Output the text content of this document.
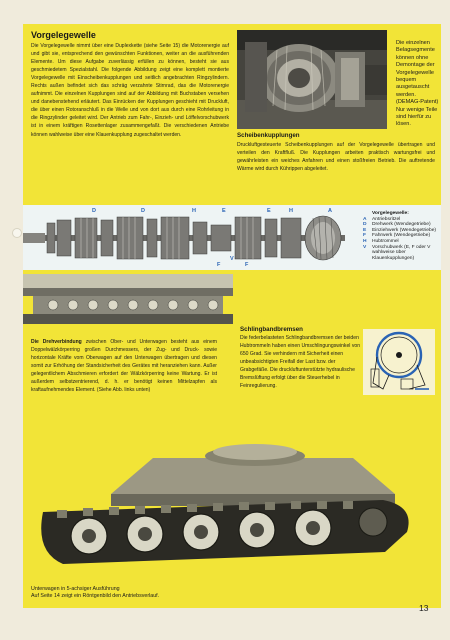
Vorgelegewelle
Die Vorgelegewelle nimmt über eine Duplexkette (siehe Seite 15) die Motorenergie auf und gibt sie, entsprechend den gewünschten Funktionen, weiter an die ausführenden Elemente. Um diese Aufgabe zuverlässig erfüllen zu können, besteht sie aus geschmiedetem Spezialstahl. Die folgende Abbildung zeigt eine komplett montierte Vorgelegewelle mit Einscheibenkupplungen und seitlich angebrachten Ringzylindern. Rechts außen befindet sich das schräg verzahnte Stirnrad, das die Motorenergie aufnimmt. Die einzelnen Kupplungen sind auf der Abbildung mit Buchstaben versehen und danebenstehend erläutert. Das Einrücken der Kupplungen geschieht mit Druckluft, die über einen Rotoranschluß in die Welle und von dort aus durch eine Rohrleitung in die Ringzylinder geleitet wird. Der Antrieb zum Fahr-, Einzieh- und Löffelvorschubwerk ist in einem kräftigen Rosettenlager zusammengefaßt. Die verschiedenen Antriebe können wahlweise über eine Klauenkupplung zugeschaltet werden.
Die einzelnen Belagsegmente können ohne Demontage der Vorgelegewelle bequem ausgetauscht werden. (DEMAG-Patent) Nur wenige Teile sind hierfür zu lösen.
Scheibenkupplungen

Druckluftgesteuerte Scheibenkupplungen auf der Vorgelegewelle übertragen und verteilen den Kraftfluß. Die Kupplungen arbeiten praktisch wartungsfrei und gewährleisten ein weiches Anfahren und einen stoßfreien Betrieb. Die auftretende Wärme wird durch Kührippen abgeleitet.

D	D	H	E	E	H	A
F
V
F
Vorgelegewelle:
A	Antriebsritzel
D	Drehwerk (Wendegetriebe)
E	Einziehwerk (Wendegetriebe)
F	Fahrwerk (Wendegetriebe)
H	Hubtrommel
V	Vorschubwerk (E, F oder V wahlweise über Klauenkupplungen)
Die Drehverbindung zwischen Ober- und Unterwagen besteht aus einem Doppelwälzkörperring großen Durchmessers, der Zug- und Druck- sowie horizontale Kräfte vom Oberwagen auf den Unterwagen übertragen und diesen somit zur Erhöhung der Standsicherheit des Gerätes mit heranziehen kann. Außer gelegentlichem Abschmieren erfordert der Wälzkörperring keine Wartung. Er ist außerdem selbstzentrierend, d. h. er benötigt keinen Mittelzapfen als kraftaufnehmendes Element. (Siehe Abb. links unten)
Schlingbandbremsen

Die federbelasteten Schlingbandbremsen der beiden Hubtrommeln haben einen Umschlingungswinkel von 650 Grad. Sie verhindern mit Sicherheit einen unbeabsichtigten Freifall der Last bzw. der Grabgefäße. Die druckluftunterstützte hydraulische Bremslüftung erfolgt über die Steuerhebel in Feinregulierung.

Unterwagen in 5-achsiger Ausführung
Auf Seite 14 zeigt ein Röntgenbild den Antriebsverlauf.
13
